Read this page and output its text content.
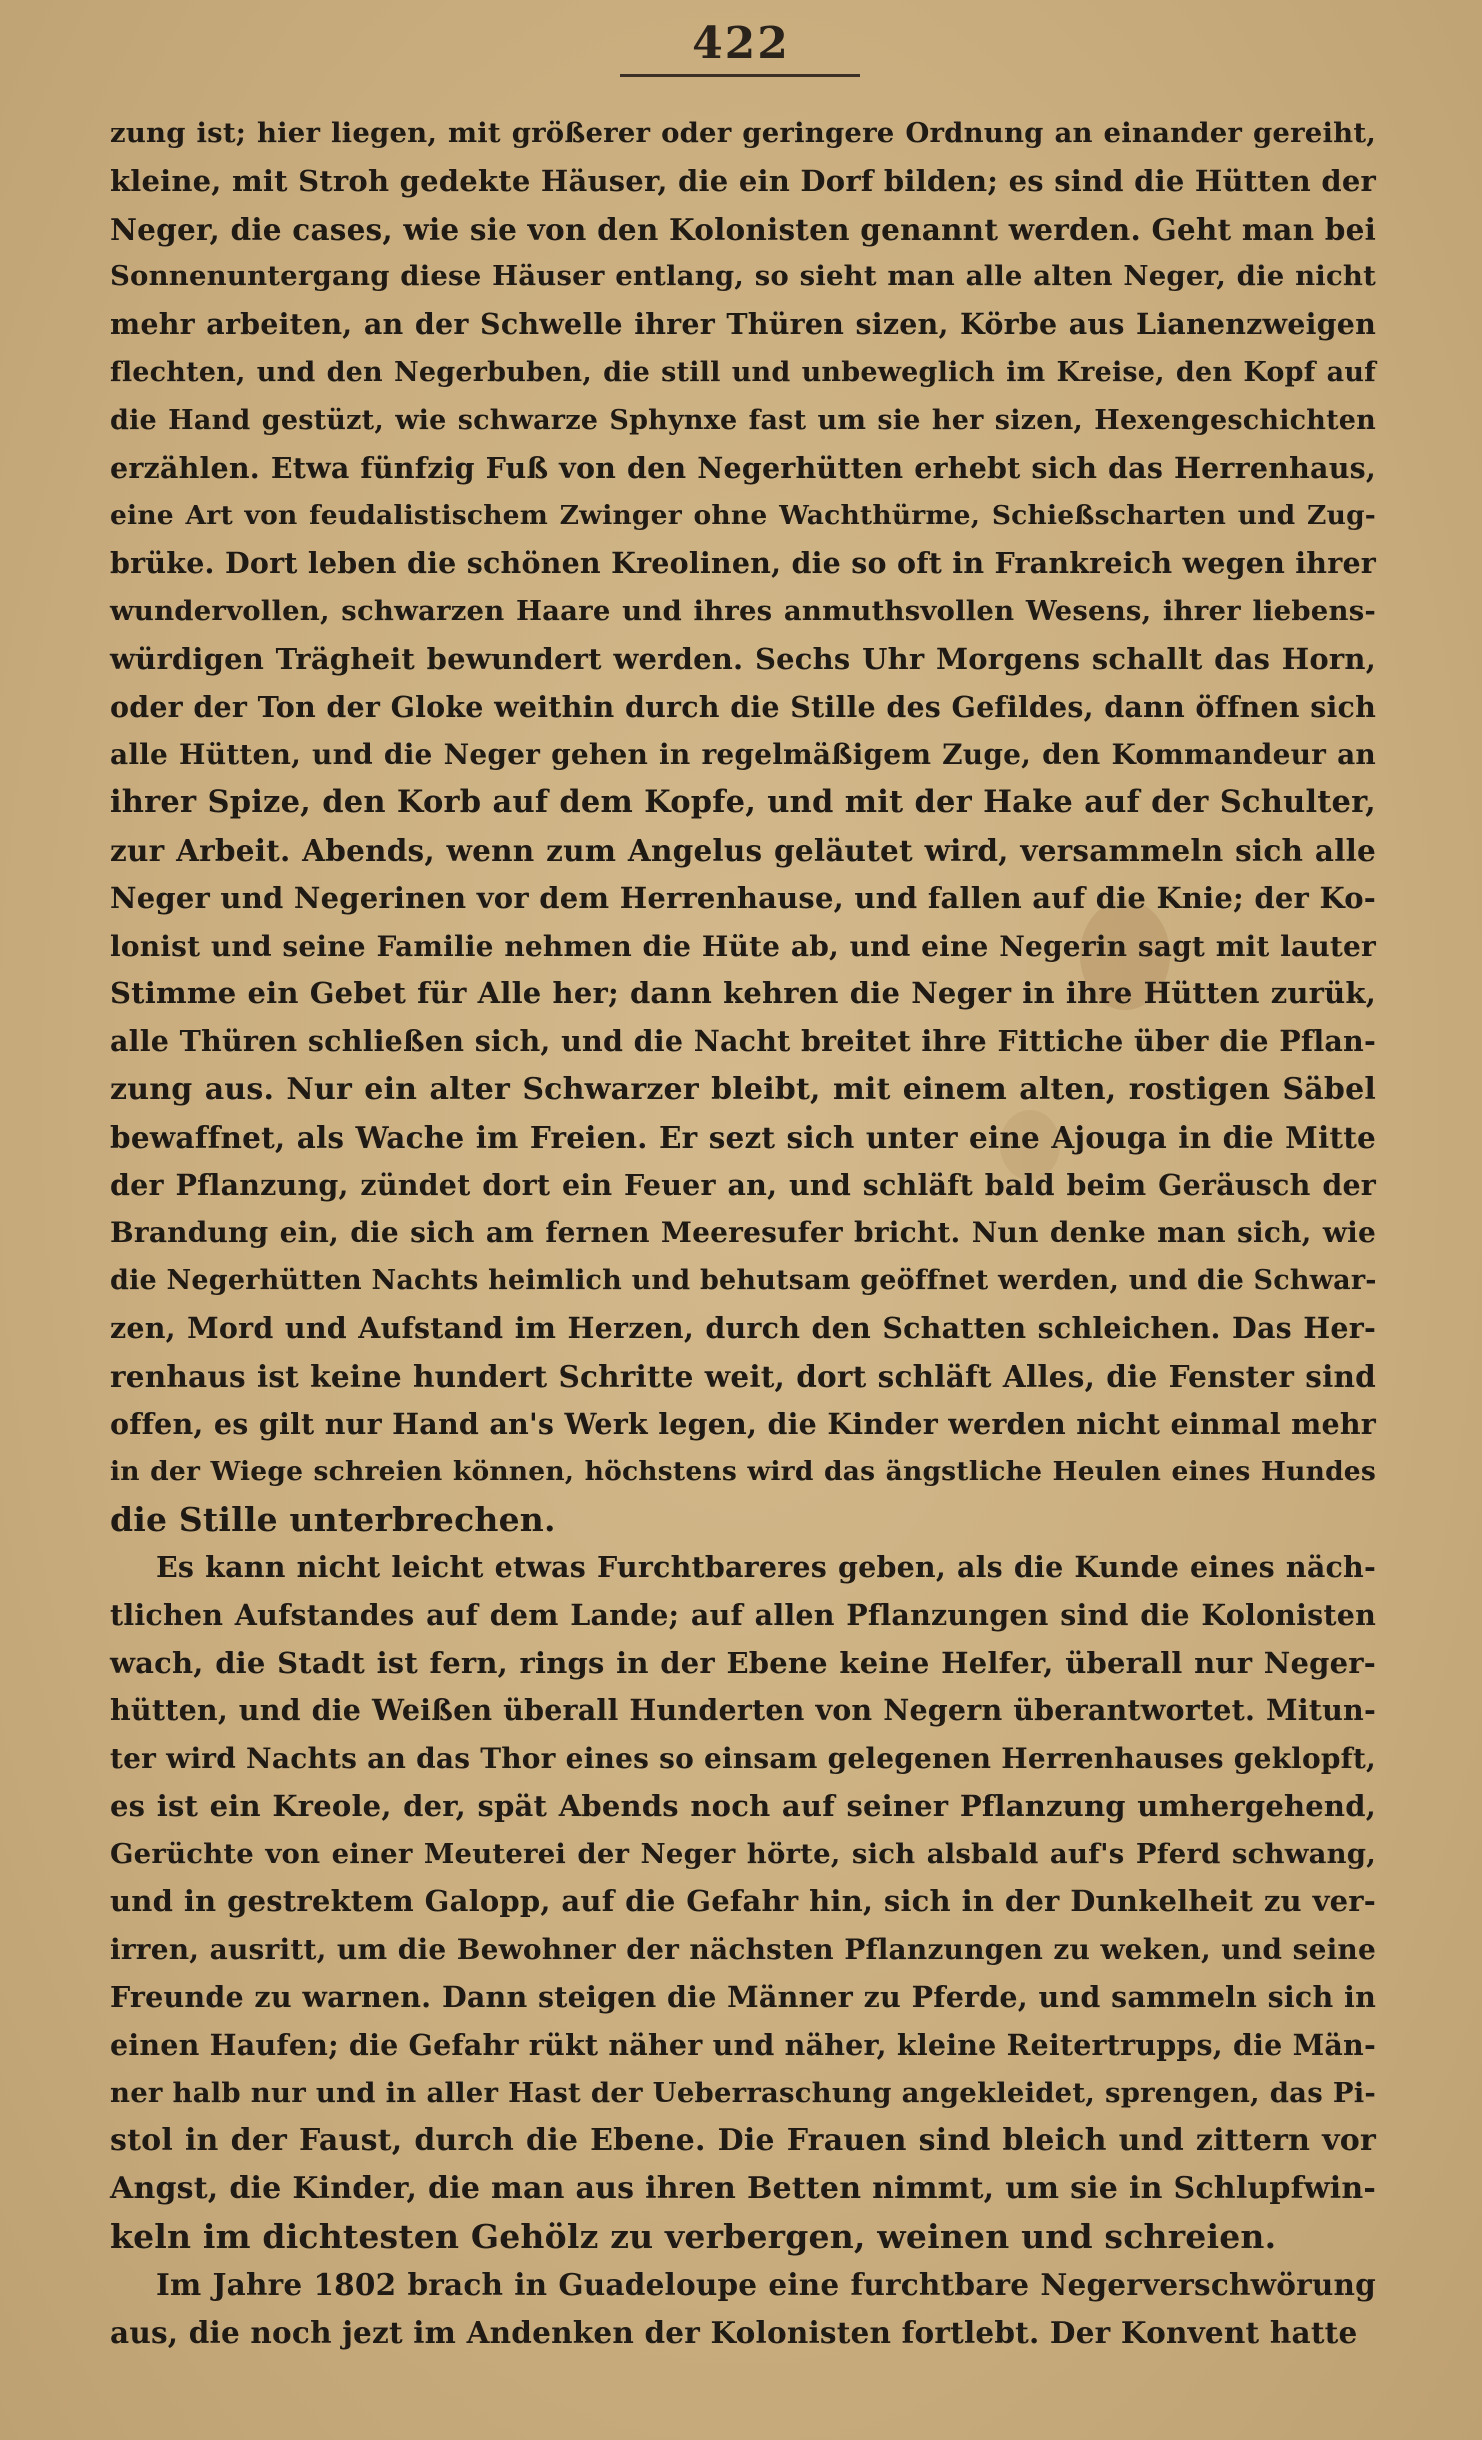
422
zung ist; hier liegen, mit größerer oder geringere Ordnung an einander gereiht,
kleine, mit Stroh gedekte Häuser, die ein Dorf bilden; es sind die Hütten der
Neger, die cases, wie sie von den Kolonisten genannt werden. Geht man bei
Sonnenuntergang diese Häuser entlang, so sieht man alle alten Neger, die nicht
mehr arbeiten, an der Schwelle ihrer Thüren sizen, Körbe aus Lianenzweigen
flechten, und den Negerbuben, die still und unbeweglich im Kreise, den Kopf auf
die Hand gestüzt, wie schwarze Sphynxe fast um sie her sizen, Hexengeschichten
erzählen. Etwa fünfzig Fuß von den Negerhütten erhebt sich das Herrenhaus,
eine Art von feudalistischem Zwinger ohne Wachthürme, Schießscharten und Zug-
brüke. Dort leben die schönen Kreolinen, die so oft in Frankreich wegen ihrer
wundervollen, schwarzen Haare und ihres anmuthsvollen Wesens, ihrer liebens-
würdigen Trägheit bewundert werden. Sechs Uhr Morgens schallt das Horn,
oder der Ton der Gloke weithin durch die Stille des Gefildes, dann öffnen sich
alle Hütten, und die Neger gehen in regelmäßigem Zuge, den Kommandeur an
ihrer Spize, den Korb auf dem Kopfe, und mit der Hake auf der Schulter,
zur Arbeit. Abends, wenn zum Angelus geläutet wird, versammeln sich alle
Neger und Negerinen vor dem Herrenhause, und fallen auf die Knie; der Ko-
lonist und seine Familie nehmen die Hüte ab, und eine Negerin sagt mit lauter
Stimme ein Gebet für Alle her; dann kehren die Neger in ihre Hütten zurük,
alle Thüren schließen sich, und die Nacht breitet ihre Fittiche über die Pflan-
zung aus. Nur ein alter Schwarzer bleibt, mit einem alten, rostigen Säbel
bewaffnet, als Wache im Freien. Er sezt sich unter eine Ajouga in die Mitte
der Pflanzung, zündet dort ein Feuer an, und schläft bald beim Geräusch der
Brandung ein, die sich am fernen Meeresufer bricht. Nun denke man sich, wie
die Negerhütten Nachts heimlich und behutsam geöffnet werden, und die Schwar-
zen, Mord und Aufstand im Herzen, durch den Schatten schleichen. Das Her-
renhaus ist keine hundert Schritte weit, dort schläft Alles, die Fenster sind
offen, es gilt nur Hand an's Werk legen, die Kinder werden nicht einmal mehr
in der Wiege schreien können, höchstens wird das ängstliche Heulen eines Hundes
die Stille unterbrechen.
Es kann nicht leicht etwas Furchtbareres geben, als die Kunde eines näch-
tlichen Aufstandes auf dem Lande; auf allen Pflanzungen sind die Kolonisten
wach, die Stadt ist fern, rings in der Ebene keine Helfer, überall nur Neger-
hütten, und die Weißen überall Hunderten von Negern überantwortet. Mitun-
ter wird Nachts an das Thor eines so einsam gelegenen Herrenhauses geklopft,
es ist ein Kreole, der, spät Abends noch auf seiner Pflanzung umhergehend,
Gerüchte von einer Meuterei der Neger hörte, sich alsbald auf's Pferd schwang,
und in gestrektem Galopp, auf die Gefahr hin, sich in der Dunkelheit zu ver-
irren, ausritt, um die Bewohner der nächsten Pflanzungen zu weken, und seine
Freunde zu warnen. Dann steigen die Männer zu Pferde, und sammeln sich in
einen Haufen; die Gefahr rükt näher und näher, kleine Reitertrupps, die Män-
ner halb nur und in aller Hast der Ueberraschung angekleidet, sprengen, das Pi-
stol in der Faust, durch die Ebene. Die Frauen sind bleich und zittern vor
Angst, die Kinder, die man aus ihren Betten nimmt, um sie in Schlupfwin-
keln im dichtesten Gehölz zu verbergen, weinen und schreien.
Im Jahre 1802 brach in Guadeloupe eine furchtbare Negerverschwörung
aus, die noch jezt im Andenken der Kolonisten fortlebt. Der Konvent hatte
